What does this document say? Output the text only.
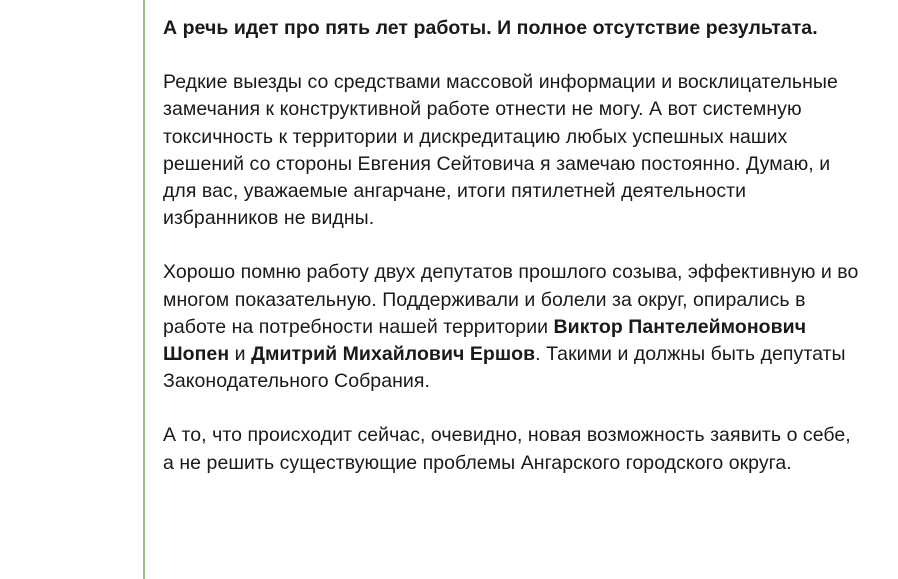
А речь идет про пять лет работы. И полное отсутствие результата.

Редкие выезды со средствами массовой информации и восклицательные замечания к конструктивной работе отнести не могу. А вот системную токсичность к территории и дискредитацию любых успешных наших решений со стороны Евгения Сейтовича я замечаю постоянно. Думаю, и для вас, уважаемые ангарчане, итоги пятилетней деятельности избранников не видны.

Хорошо помню работу двух депутатов прошлого созыва, эффективную и во многом показательную. Поддерживали и болели за округ, опирались в работе на потребности нашей территории Виктор Пантелеймонович Шопен и Дмитрий Михайлович Ершов. Такими и должны быть депутаты Законодательного Собрания.

А то, что происходит сейчас, очевидно, новая возможность заявить о себе, а не решить существующие проблемы Ангарского городского округа.
